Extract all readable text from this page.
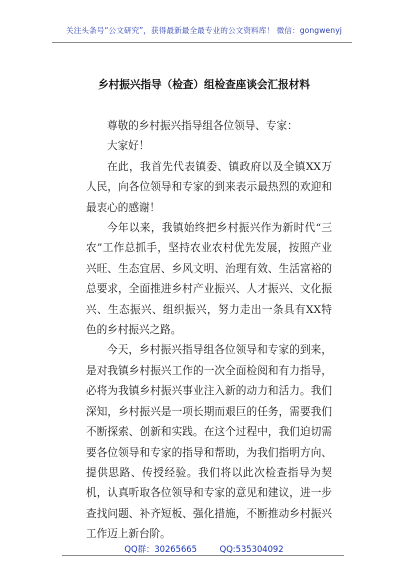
关注头条号“公文研究”，获得最新最全最专业的公文资料库！ 微信：gongwenyj
乡村振兴指导（检查）组检查座谈会汇报材料

尊敬的乡村振兴指导组各位领导、专家：

大家好！

在此，我首先代表镇委、镇政府以及全镇XX万人民，向各位领导和专家的到来表示最热烈的欢迎和最衷心的感谢！

今年以来，我镇始终把乡村振兴作为新时代“三农”工作总抓手，坚持农业农村优先发展，按照产业兴旺、生态宜居、乡风文明、治理有效、生活富裕的总要求，全面推进乡村产业振兴、人才振兴、文化振兴、生态振兴、组织振兴，努力走出一条具有XX特色的乡村振兴之路。

今天，乡村振兴指导组各位领导和专家的到来，是对我镇乡村振兴工作的一次全面检阅和有力指导，必将为我镇乡村振兴事业注入新的动力和活力。我们深知，乡村振兴是一项长期而艰巨的任务，需要我们不断探索、创新和实践。在这个过程中，我们迫切需要各位领导和专家的指导和帮助，为我们指明方向、提供思路、传授经验。我们将以此次检查指导为契机，认真听取各位领导和专家的意见和建议，进一步查找问题、补齐短板、强化措施，不断推动乡村振兴工作迈上新台阶。

QQ群：30265665	QQ:535304092
